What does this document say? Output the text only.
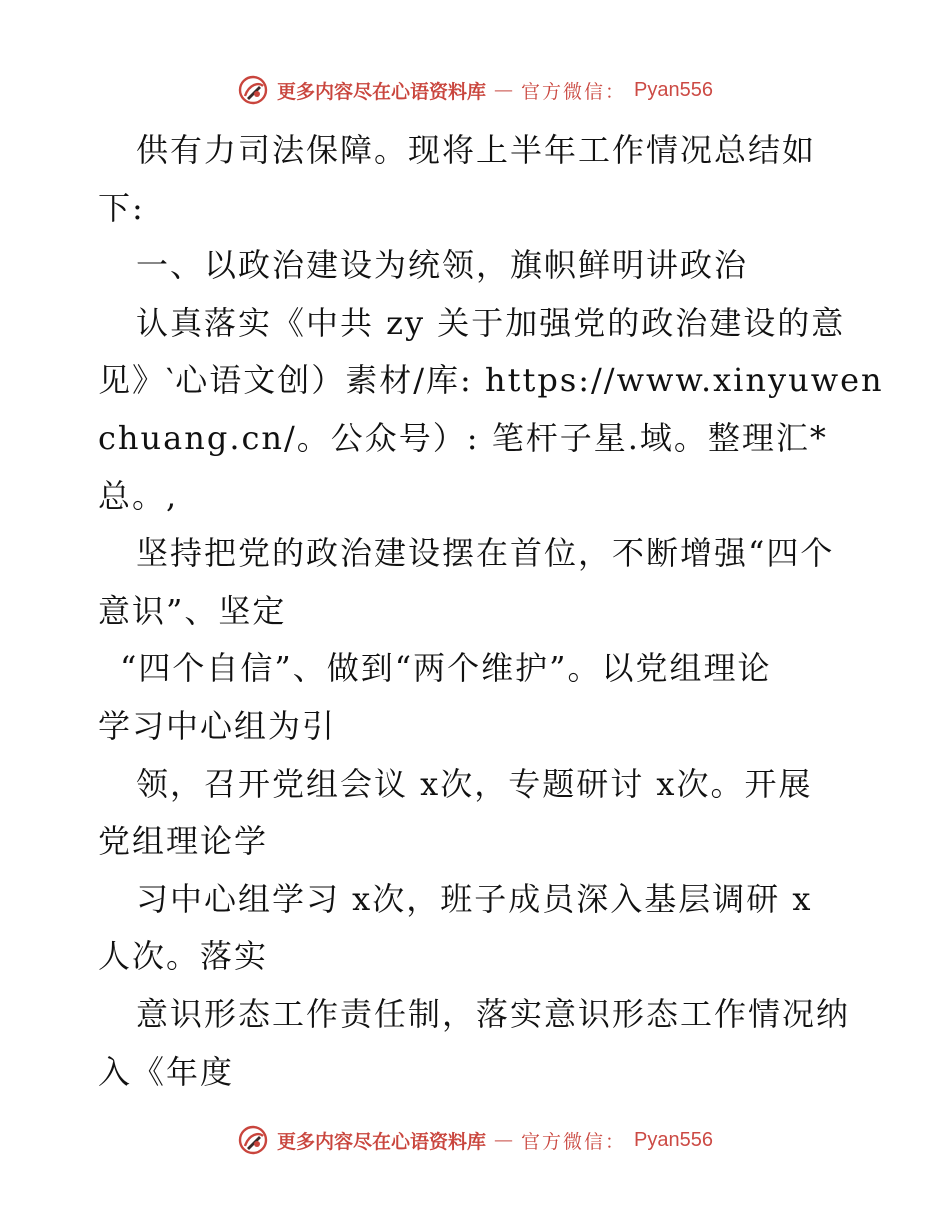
更多内容尽在心语资料库 — 官方微信： Pyan556
供有力司法保障。现将上半年工作情况总结如
下:
一、以政治建设为统领，旗帜鲜明讲政治
认真落实《中共 zy 关于加强党的政治建设的意
见》‵心语文创）素材/库: https://www.xinyuwen
chuang.cn/。公众号）: 笔杆子星.域。整理汇*
总。,
坚持把党的政治建设摆在首位，不断增强“四个
意识”、坚定
“四个自信”、做到“两个维护”。以党组理论
学习中心组为引
领，召开党组会议 x次，专题研讨 x次。开展
党组理论学
习中心组学习 x次，班子成员深入基层调研 x
人次。落实
意识形态工作责任制，落实意识形态工作情况纳
入《年度
更多内容尽在心语资料库 — 官方微信： Pyan556
